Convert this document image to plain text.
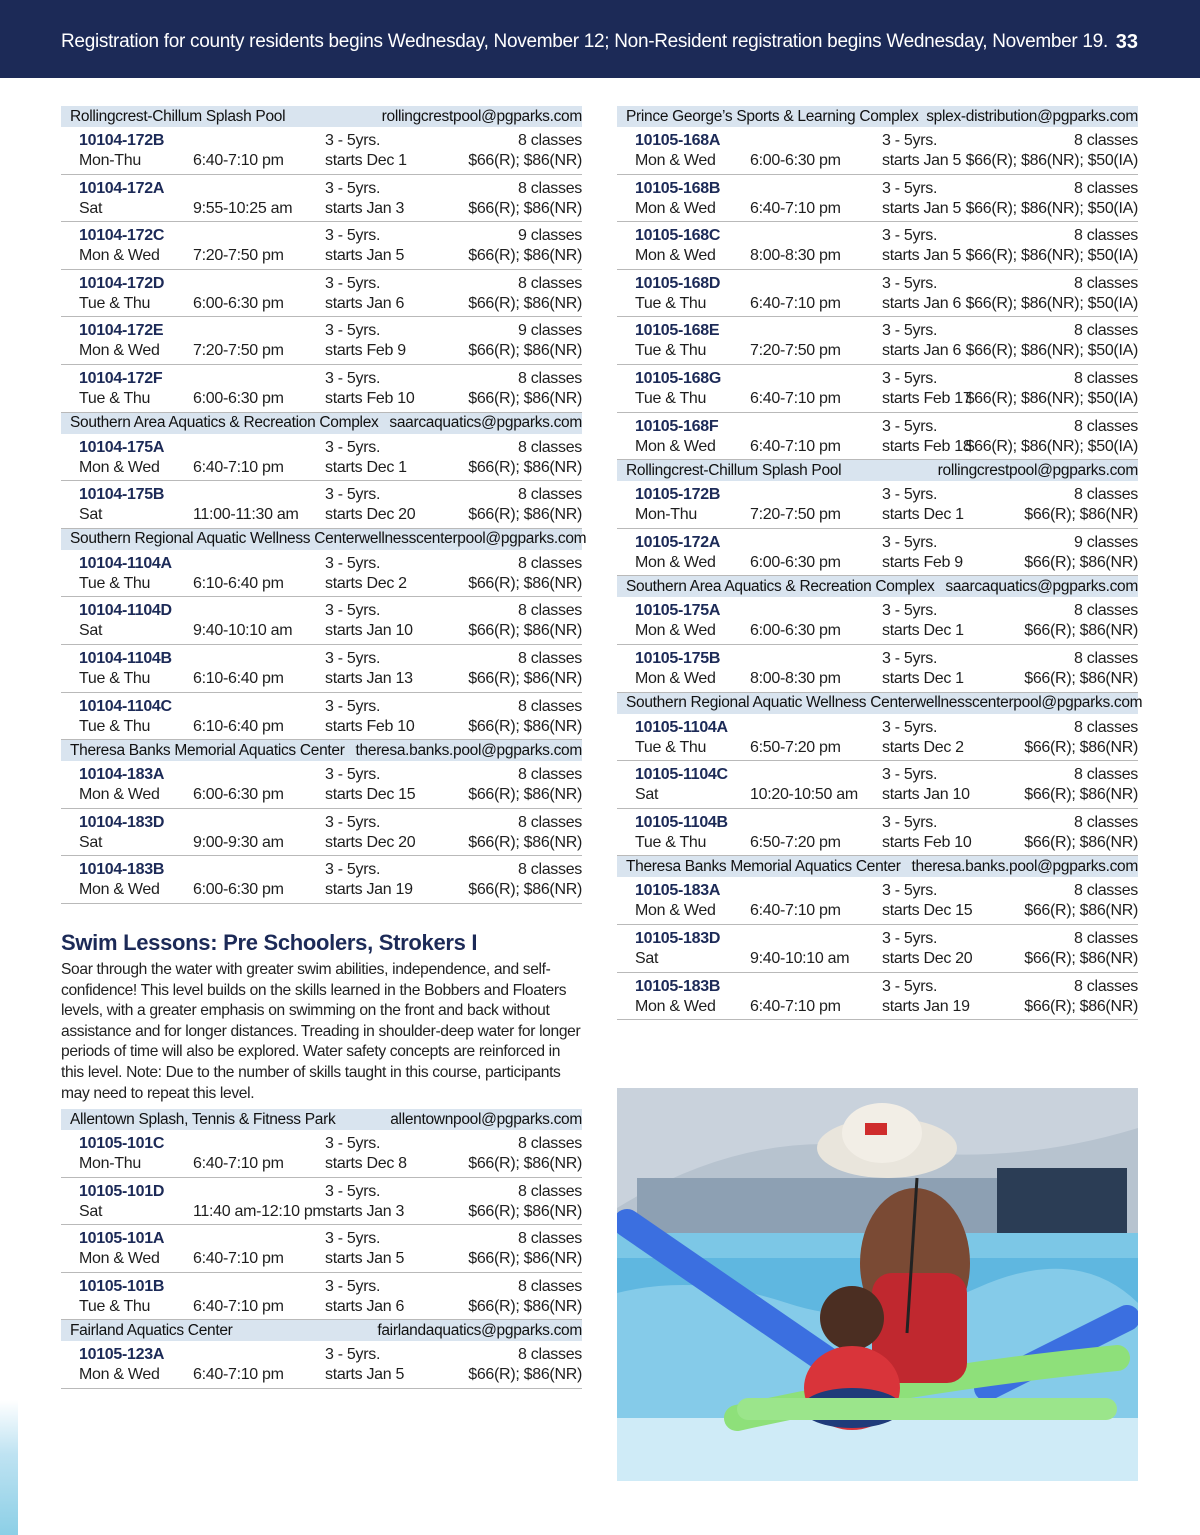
Registration for county residents begins Wednesday, November 12; Non-Resident registration begins Wednesday, November 19. 33
Rollingcrest-Chillum Splash Pool	rollingcrestpool@pgparks.com
10104-172B
Mon-Thu	6:40-7:10 pm
3 - 5yrs.
starts Dec 1
8 classes
$66(R); $86(NR)
10104-172A
Sat	9:55-10:25 am
3 - 5yrs.
starts Jan 3
8 classes
$66(R); $86(NR)
10104-172C
Mon & Wed 7:20-7:50 pm
3 - 5yrs.
starts Jan 5
9 classes
$66(R); $86(NR)
10104-172D
Tue & Thu	6:00-6:30 pm
3 - 5yrs.
starts Jan 6
8 classes
$66(R); $86(NR)
10104-172E
Mon & Wed 7:20-7:50 pm
3 - 5yrs.
starts Feb 9
9 classes
$66(R); $86(NR)
10104-172F
Tue & Thu	6:00-6:30 pm
3 - 5yrs.
starts Feb 10
8 classes
$66(R); $86(NR)
Southern Area Aquatics & Recreation Complex saarcaquatics@pgparks.com
10104-175A
Mon & Wed 6:40-7:10 pm
3 - 5yrs.
starts Dec 1
8 classes
$66(R); $86(NR)
10104-175B
Sat	11:00-11:30 am
3 - 5yrs.
starts Dec 20
8 classes
$66(R); $86(NR)
Southern Regional Aquatic Wellness Center wellnesscenterpool@pgparks.com
10104-1104A
Tue & Thu	6:10-6:40 pm
3 - 5yrs.
starts Dec 2
8 classes
$66(R); $86(NR)
10104-1104D
Sat	9:40-10:10 am
3 - 5yrs.
starts Jan 10
8 classes
$66(R); $86(NR)
10104-1104B
Tue & Thu	6:10-6:40 pm
3 - 5yrs.
starts Jan 13
8 classes
$66(R); $86(NR)
10104-1104C
Tue & Thu	6:10-6:40 pm
3 - 5yrs.
starts Feb 10
8 classes
$66(R); $86(NR)
Theresa Banks Memorial Aquatics Center theresa.banks.pool@pgparks.com
10104-183A
Mon & Wed 6:00-6:30 pm
3 - 5yrs.
starts Dec 15
8 classes
$66(R); $86(NR)
10104-183D
Sat	9:00-9:30 am
3 - 5yrs.
starts Dec 20
8 classes
$66(R); $86(NR)
10104-183B
Mon & Wed 6:00-6:30 pm
3 - 5yrs.
starts Jan 19
8 classes
$66(R); $86(NR)
Swim Lessons: Pre Schoolers, Strokers I

Soar through the water with greater swim abilities, independence, and self-confidence! This level builds on the skills learned in the Bobbers and Floaters levels, with a greater emphasis on swimming on the front and back without assistance and for longer distances. Treading in shoulder-deep water for longer periods of time will also be explored. Water safety concepts are reinforced in this level. Note: Due to the number of skills taught in this course, participants may need to repeat this level.

Allentown Splash, Tennis & Fitness Park	allentownpool@pgparks.com
10105-101C
Mon-Thu	6:40-7:10 pm
3 - 5yrs.
starts Dec 8
8 classes
$66(R); $86(NR)
10105-101D
Sat	11:40 am-12:10 pm
3 - 5yrs.
starts Jan 3
8 classes
$66(R); $86(NR)
10105-101A
Mon & Wed 6:40-7:10 pm
3 - 5yrs.
starts Jan 5
8 classes
$66(R); $86(NR)
10105-101B
Tue & Thu	6:40-7:10 pm
3 - 5yrs.
starts Jan 6
8 classes
$66(R); $86(NR)
Fairland Aquatics Center	fairlandaquatics@pgparks.com
10105-123A
Mon & Wed 6:40-7:10 pm
3 - 5yrs.
starts Jan 5
8 classes
$66(R); $86(NR)
Prince George’s Sports & Learning Complex splex-distribution@pgparks.com
10105-168A
Mon & Wed 6:00-6:30 pm
3 - 5yrs.
starts Jan 5
8 classes
$66(R); $86(NR); $50(IA)
10105-168B
Mon & Wed 6:40-7:10 pm
3 - 5yrs.
starts Jan 5
8 classes
$66(R); $86(NR); $50(IA)
10105-168C
Mon & Wed 8:00-8:30 pm
3 - 5yrs.
starts Jan 5
8 classes
$66(R); $86(NR); $50(IA)
10105-168D
Tue & Thu	6:40-7:10 pm
3 - 5yrs.
starts Jan 6
8 classes
$66(R); $86(NR); $50(IA)
10105-168E
Tue & Thu	7:20-7:50 pm
3 - 5yrs.
starts Jan 6
8 classes
$66(R); $86(NR); $50(IA)
10105-168G
Tue & Thu	6:40-7:10 pm
3 - 5yrs.
starts Feb 17
8 classes
$66(R); $86(NR); $50(IA)
10105-168F
Mon & Wed 6:40-7:10 pm
3 - 5yrs.
starts Feb 18
8 classes
$66(R); $86(NR); $50(IA)
Rollingcrest-Chillum Splash Pool	rollingcrestpool@pgparks.com
10105-172B
Mon-Thu	7:20-7:50 pm
3 - 5yrs.
starts Dec 1
8 classes
$66(R); $86(NR)
10105-172A
Mon & Wed 6:00-6:30 pm
3 - 5yrs.
starts Feb 9
9 classes
$66(R); $86(NR)
Southern Area Aquatics & Recreation Complex saarcaquatics@pgparks.com
10105-175A
Mon & Wed 6:00-6:30 pm
3 - 5yrs.
starts Dec 1
8 classes
$66(R); $86(NR)
10105-175B
Mon & Wed 8:00-8:30 pm
3 - 5yrs.
starts Dec 1
8 classes
$66(R); $86(NR)
Southern Regional Aquatic Wellness Center wellnesscenterpool@pgparks.com
10105-1104A
Tue & Thu	6:50-7:20 pm
3 - 5yrs.
starts Dec 2
8 classes
$66(R); $86(NR)
10105-1104C
Sat	10:20-10:50 am
3 - 5yrs.
starts Jan 10
8 classes
$66(R); $86(NR)
10105-1104B
Tue & Thu	6:50-7:20 pm
3 - 5yrs.
starts Feb 10
8 classes
$66(R); $86(NR)
Theresa Banks Memorial Aquatics Center theresa.banks.pool@pgparks.com
10105-183A
Mon & Wed 6:40-7:10 pm
3 - 5yrs.
starts Dec 15
8 classes
$66(R); $86(NR)
10105-183D
Sat	9:40-10:10 am
3 - 5yrs.
starts Dec 20
8 classes
$66(R); $86(NR)
10105-183B
Mon & Wed 6:40-7:10 pm
3 - 5yrs.
starts Jan 19
8 classes
$66(R); $86(NR)
